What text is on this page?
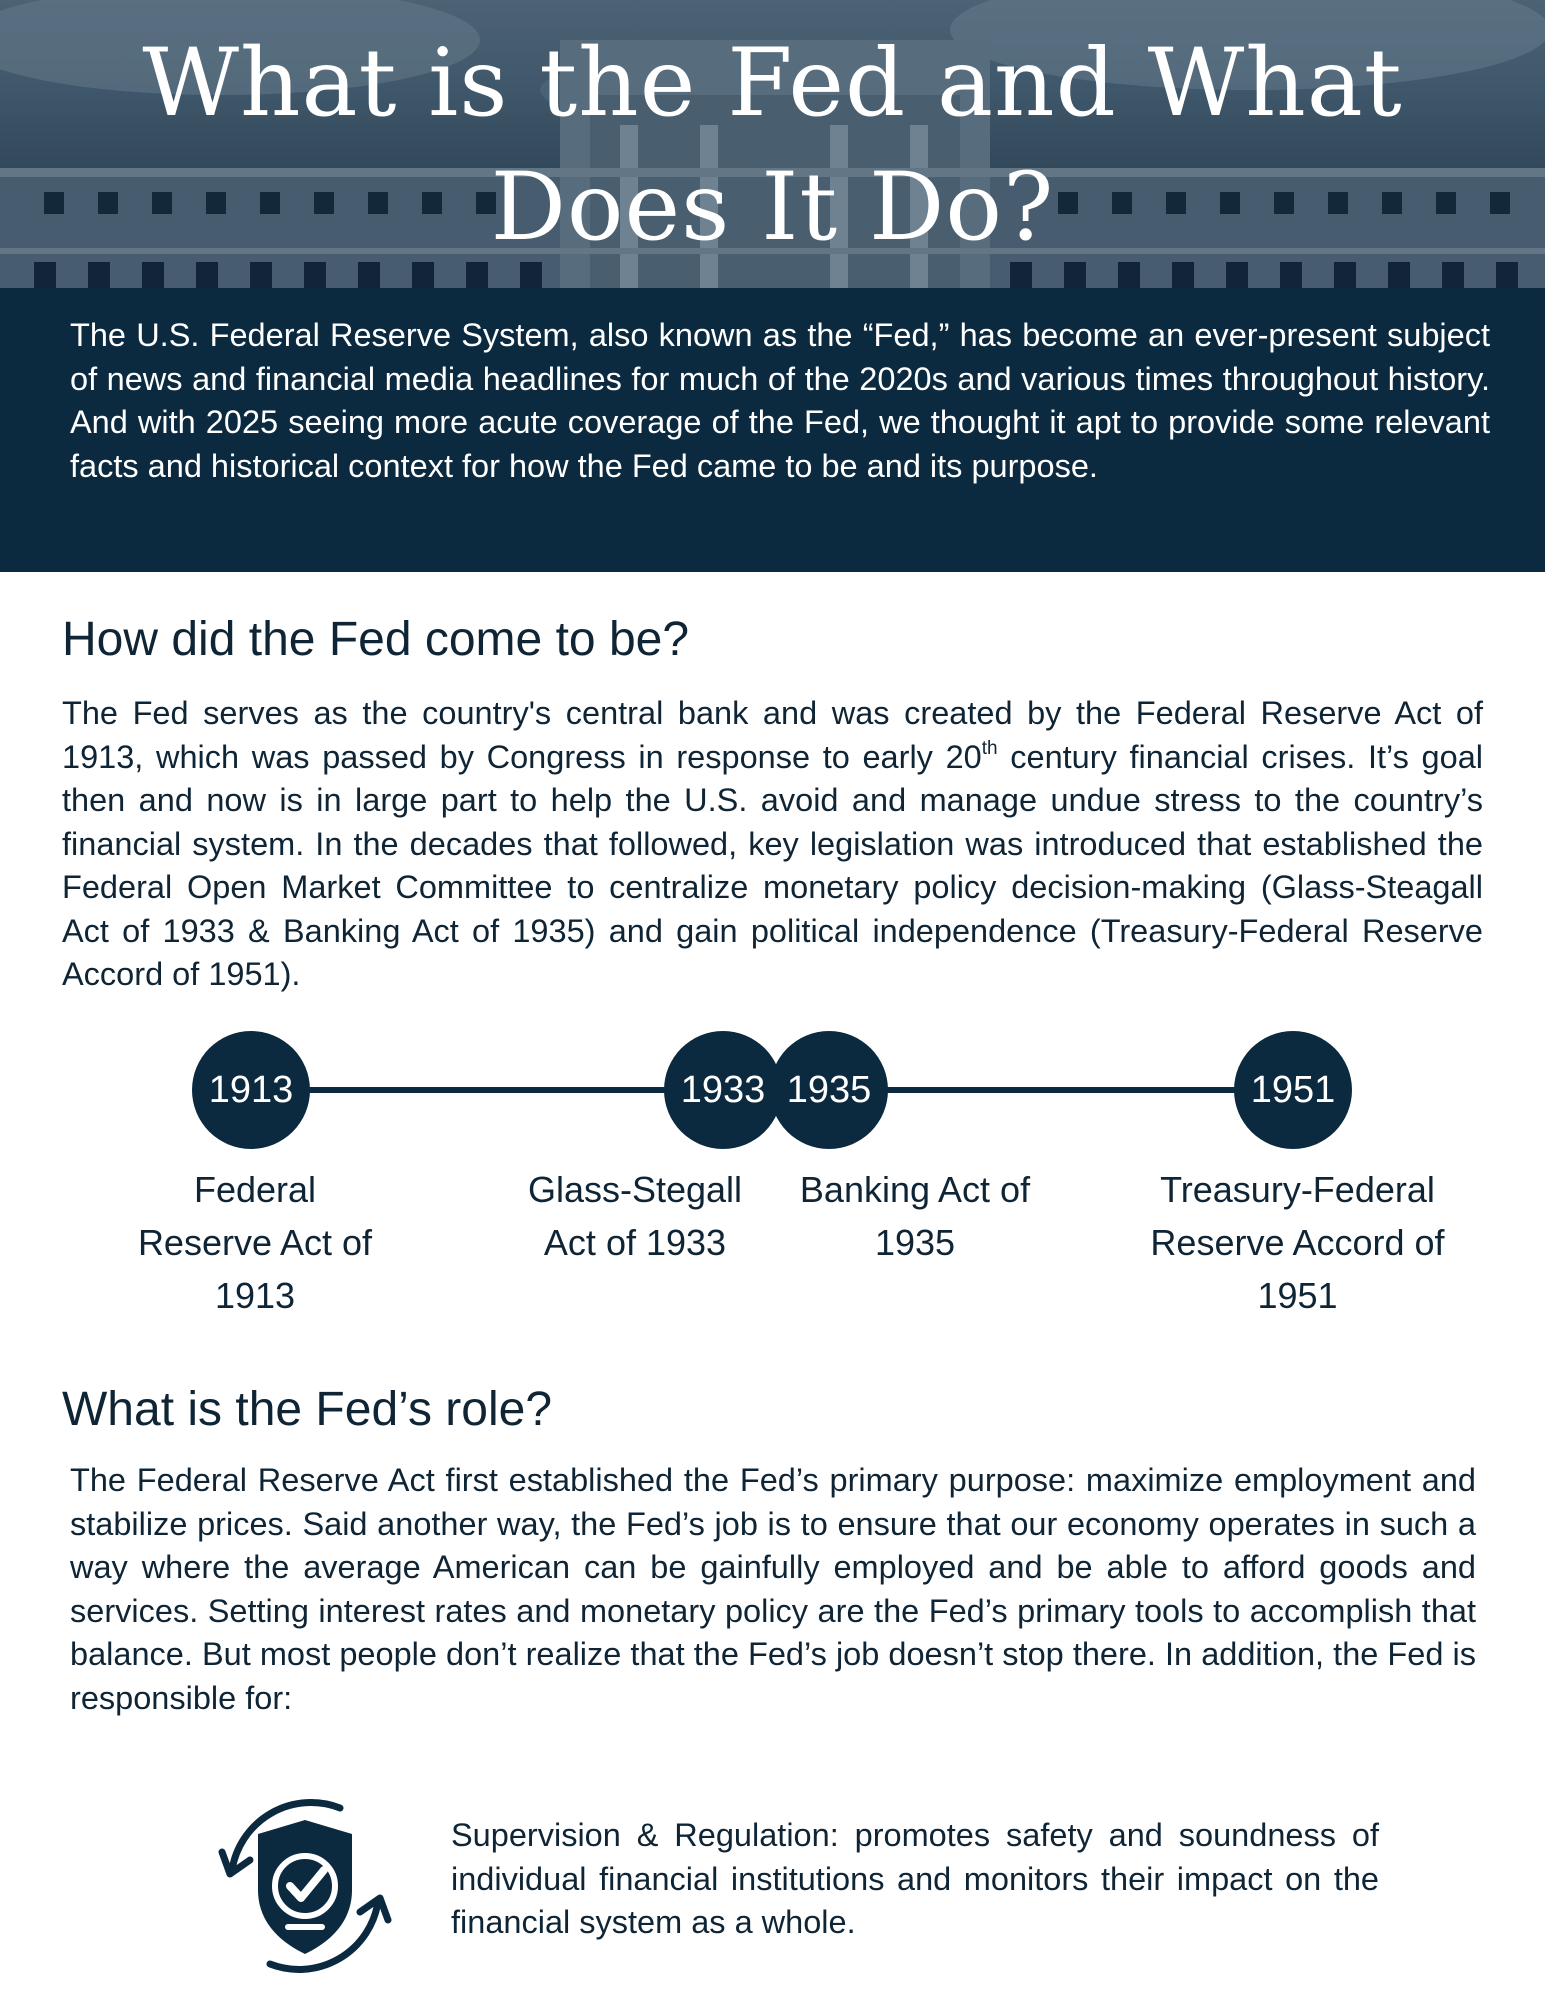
What is the Fed and What
Does It Do?

The U.S. Federal Reserve System, also known as the “Fed,” has become an ever-present subject of news and financial media headlines for much of the 2020s and various times throughout history. And with 2025 seeing more acute coverage of the Fed, we thought it apt to provide some relevant facts and historical context for how the Fed came to be and its purpose.

How did the Fed come to be?

The Fed serves as the country's central bank and was created by the Federal Reserve Act of 1913, which was passed by Congress in response to early 20th century financial crises. It’s goal then and now is in large part to help the U.S. avoid and manage undue stress to the country’s financial system. In the decades that followed, key legislation was introduced that established the Federal Open Market Committee to centralize monetary policy decision-making (Glass-Steagall Act of 1933 & Banking Act of 1935) and gain political independence (Treasury-Federal Reserve Accord of 1951).

1913	1933 1935	1951
Federal Reserve Act of 1913
Glass-Stegall Act of 1933
Banking Act of 1935
Treasury-Federal Reserve Accord of 1951
What is the Fed’s role?

The Federal Reserve Act first established the Fed’s primary purpose: maximize employment and stabilize prices. Said another way, the Fed’s job is to ensure that our economy operates in such a way where the average American can be gainfully employed and be able to afford goods and services. Setting interest rates and monetary policy are the Fed’s primary tools to accomplish that balance. But most people don’t realize that the Fed’s job doesn’t stop there. In addition, the Fed is responsible for:

Supervision & Regulation: promotes safety and soundness of individual financial institutions and monitors their impact on the financial system as a whole.
